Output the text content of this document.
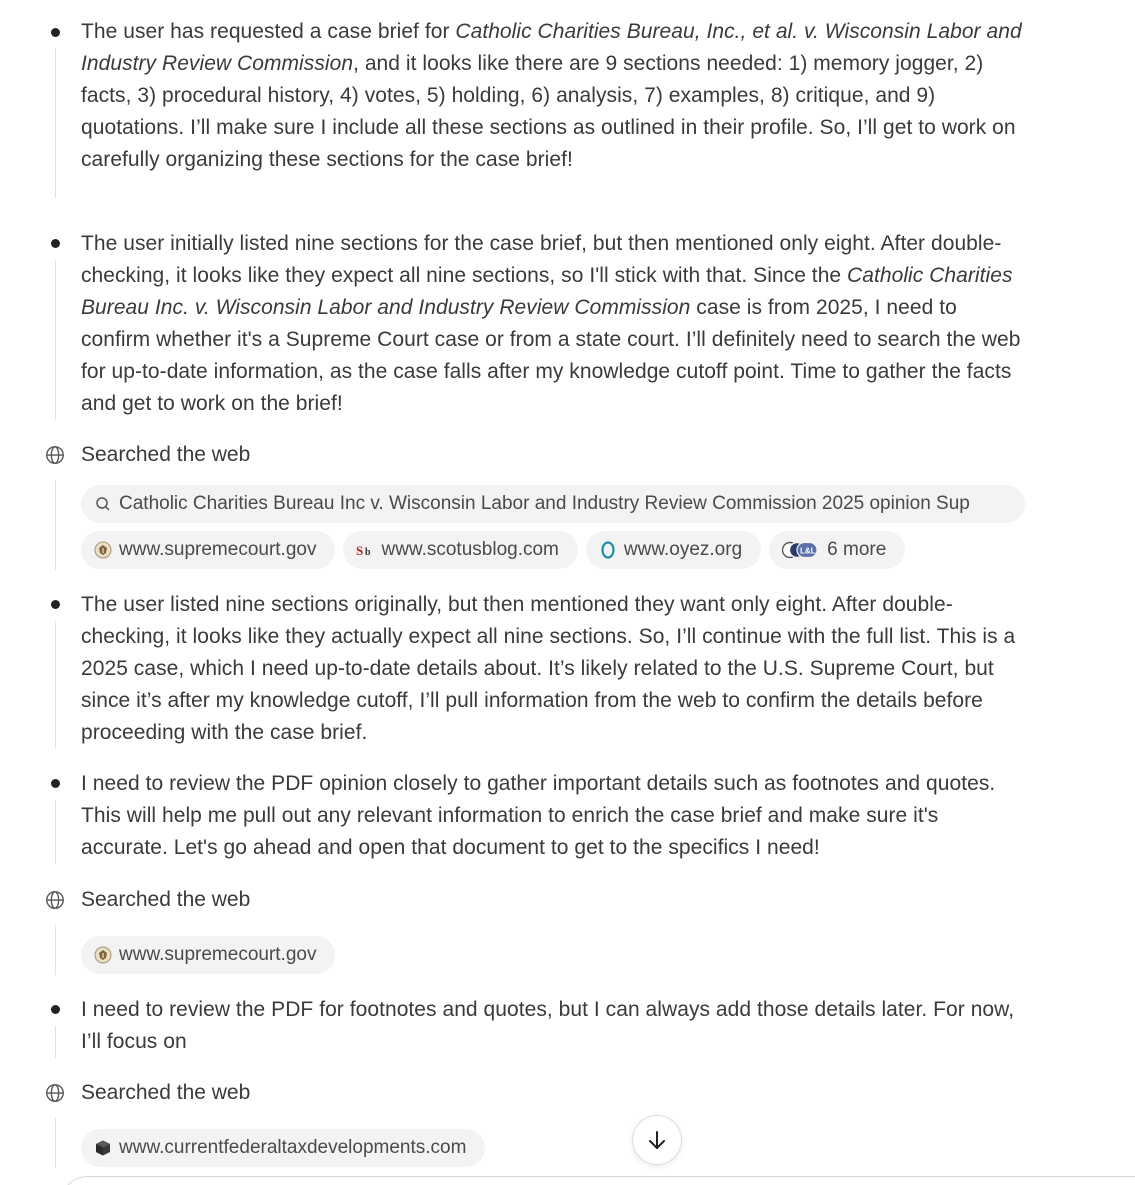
The user has requested a case brief for Catholic Charities Bureau, Inc., et al. v. Wisconsin Labor and Industry Review Commission, and it looks like there are 9 sections needed: 1) memory jogger, 2) facts, 3) procedural history, 4) votes, 5) holding, 6) analysis, 7) examples, 8) critique, and 9) quotations. I’ll make sure I include all these sections as outlined in their profile. So, I’ll get to work on carefully organizing these sections for the case brief!

The user initially listed nine sections for the case brief, but then mentioned only eight. After double-checking, it looks like they expect all nine sections, so I'll stick with that. Since the Catholic Charities Bureau Inc. v. Wisconsin Labor and Industry Review Commission case is from 2025, I need to confirm whether it's a Supreme Court case or from a state court. I’ll definitely need to search the web for up-to-date information, as the case falls after my knowledge cutoff point. Time to gather the facts and get to work on the brief!

Searched the web
Catholic Charities Bureau Inc v. Wisconsin Labor and Industry Review Commission 2025 opinion Sup
www.supremecourt.gov	S b www.scotusblog.com	www.oyez.org	L&L 6 more

The user listed nine sections originally, but then mentioned they want only eight. After double-checking, it looks like they actually expect all nine sections. So, I’ll continue with the full list. This is a 2025 case, which I need up-to-date details about. It’s likely related to the U.S. Supreme Court, but since it’s after my knowledge cutoff, I’ll pull information from the web to confirm the details before proceeding with the case brief.

I need to review the PDF opinion closely to gather important details such as footnotes and quotes. This will help me pull out any relevant information to enrich the case brief and make sure it's accurate. Let's go ahead and open that document to get to the specifics I need!

Searched the web
www.supremecourt.gov

I need to review the PDF for footnotes and quotes, but I can always add those details later. For now, I’ll focus on

Searched the web
www.currentfederaltaxdevelopments.com
